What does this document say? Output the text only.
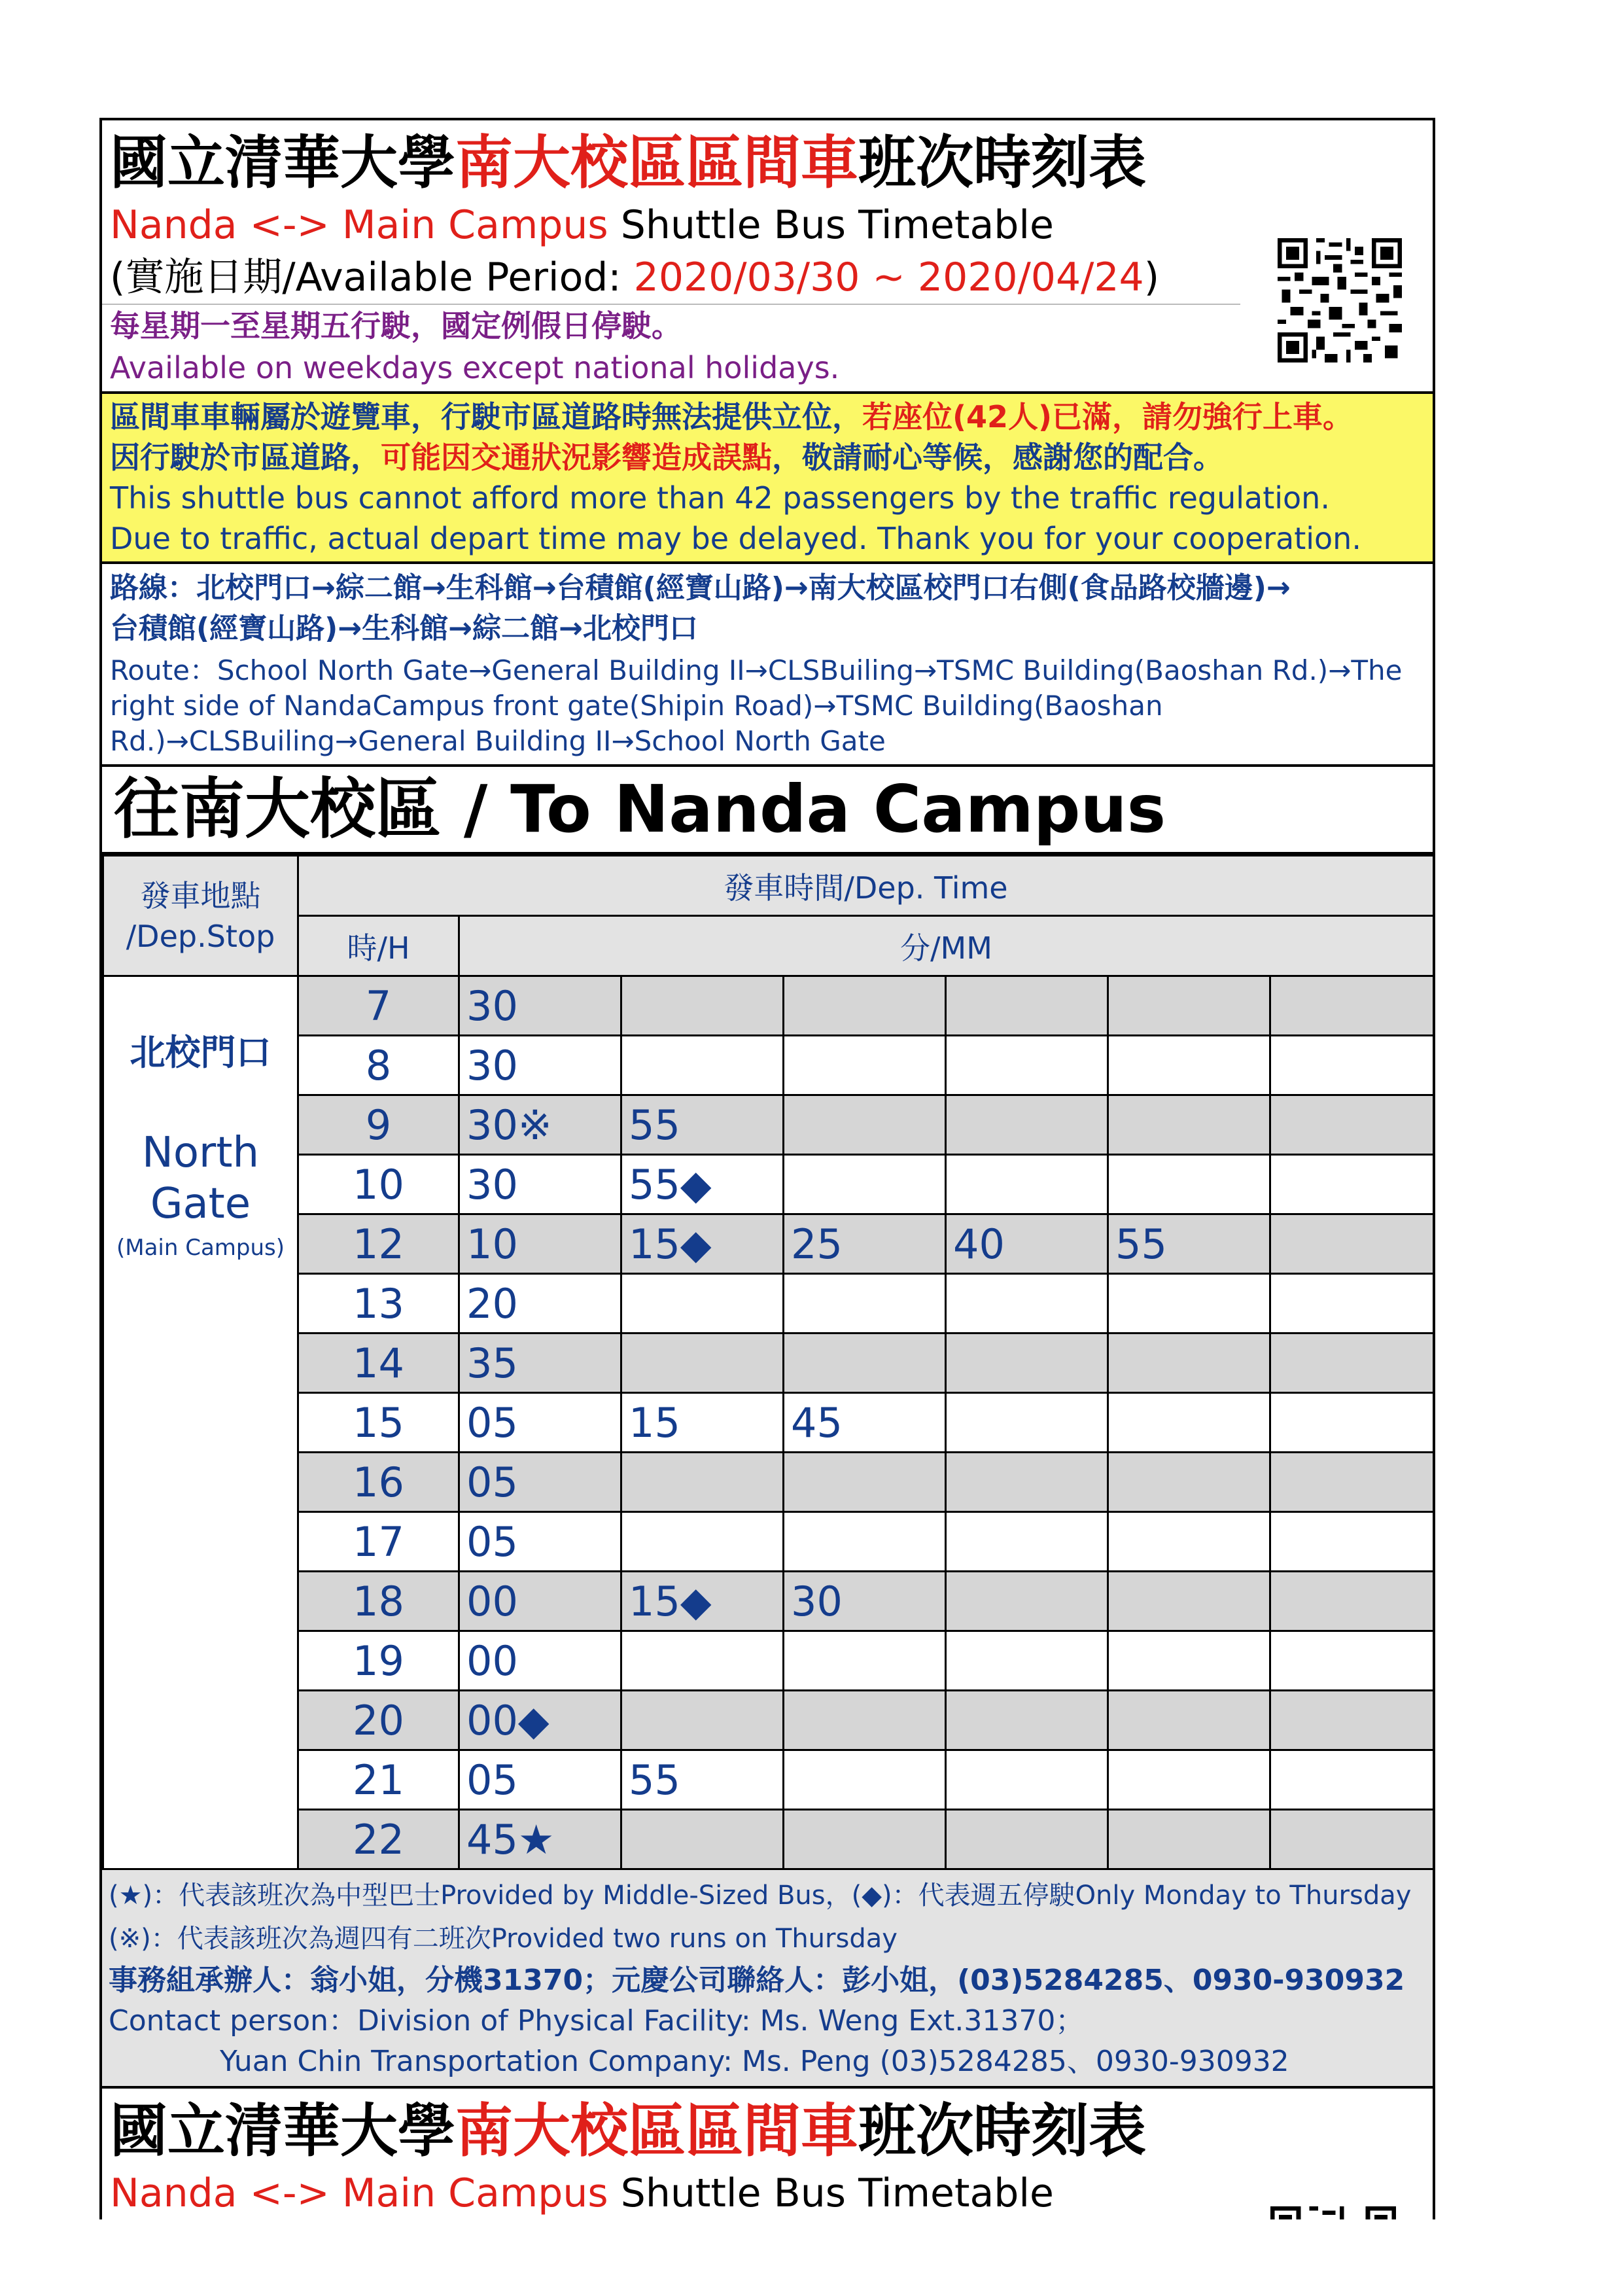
國立清華大學南大校區區間車班次時刻表
Nanda <-> Main Campus Shuttle Bus Timetable
(實施日期/Available Period: 2020/03/30 ~ 2020/04/24)
每星期一至星期五行駛，國定例假日停駛。
Available on weekdays except national holidays.
區間車車輛屬於遊覽車，行駛市區道路時無法提供立位，若座位(42人)已滿，請勿強行上車。
因行駛於市區道路，可能因交通狀況影響造成誤點，敬請耐心等候，感謝您的配合。
This shuttle bus cannot afford more than 42 passengers by the traffic regulation.
Due to traffic, actual depart time may be delayed. Thank you for your cooperation.
路線：北校門口→綜二館→生科館→台積館(經寶山路)→南大校區校門口右側(食品路校牆邊)→
台積館(經寶山路)→生科館→綜二館→北校門口
Route：School North Gate→General Building II→CLSBuiling→TSMC Building(Baoshan Rd.)→The right side of NandaCampus front gate(Shipin Road)→TSMC Building(Baoshan Rd.)→CLSBuiling→General Building II→School North Gate
往南大校區 / To Nanda Campus
發車地點
/Dep.Stop	發車時間/Dep. Time						
	時/H	分/MM					

北校門口
North Gate
(Main Campus)	7	30					
	8	30					
	9	30※	55				
	10	30	55◆				
	12	10	15◆	25	40	55	
	13	20					
	14	35					
	15	05	15	45			
	16	05					
	17	05					
	18	00	15◆	30			
	19	00					
	20	00◆					
	21	05	55				
	22	45★					
(★)：代表該班次為中型巴士Provided by Middle-Sized Bus，(◆)：代表週五停駛Only Monday to Thursday
(※)：代表該班次為週四有二班次Provided two runs on Thursday
事務組承辦人：翁小姐，分機31370；元慶公司聯絡人：彭小姐，(03)5284285、0930-930932
Contact person：Division of Physical Facility: Ms. Weng Ext.31370；
Yuan Chin Transportation Company: Ms. Peng (03)5284285、0930-930932
國立清華大學南大校區區間車班次時刻表
Nanda <-> Main Campus Shuttle Bus Timetable
